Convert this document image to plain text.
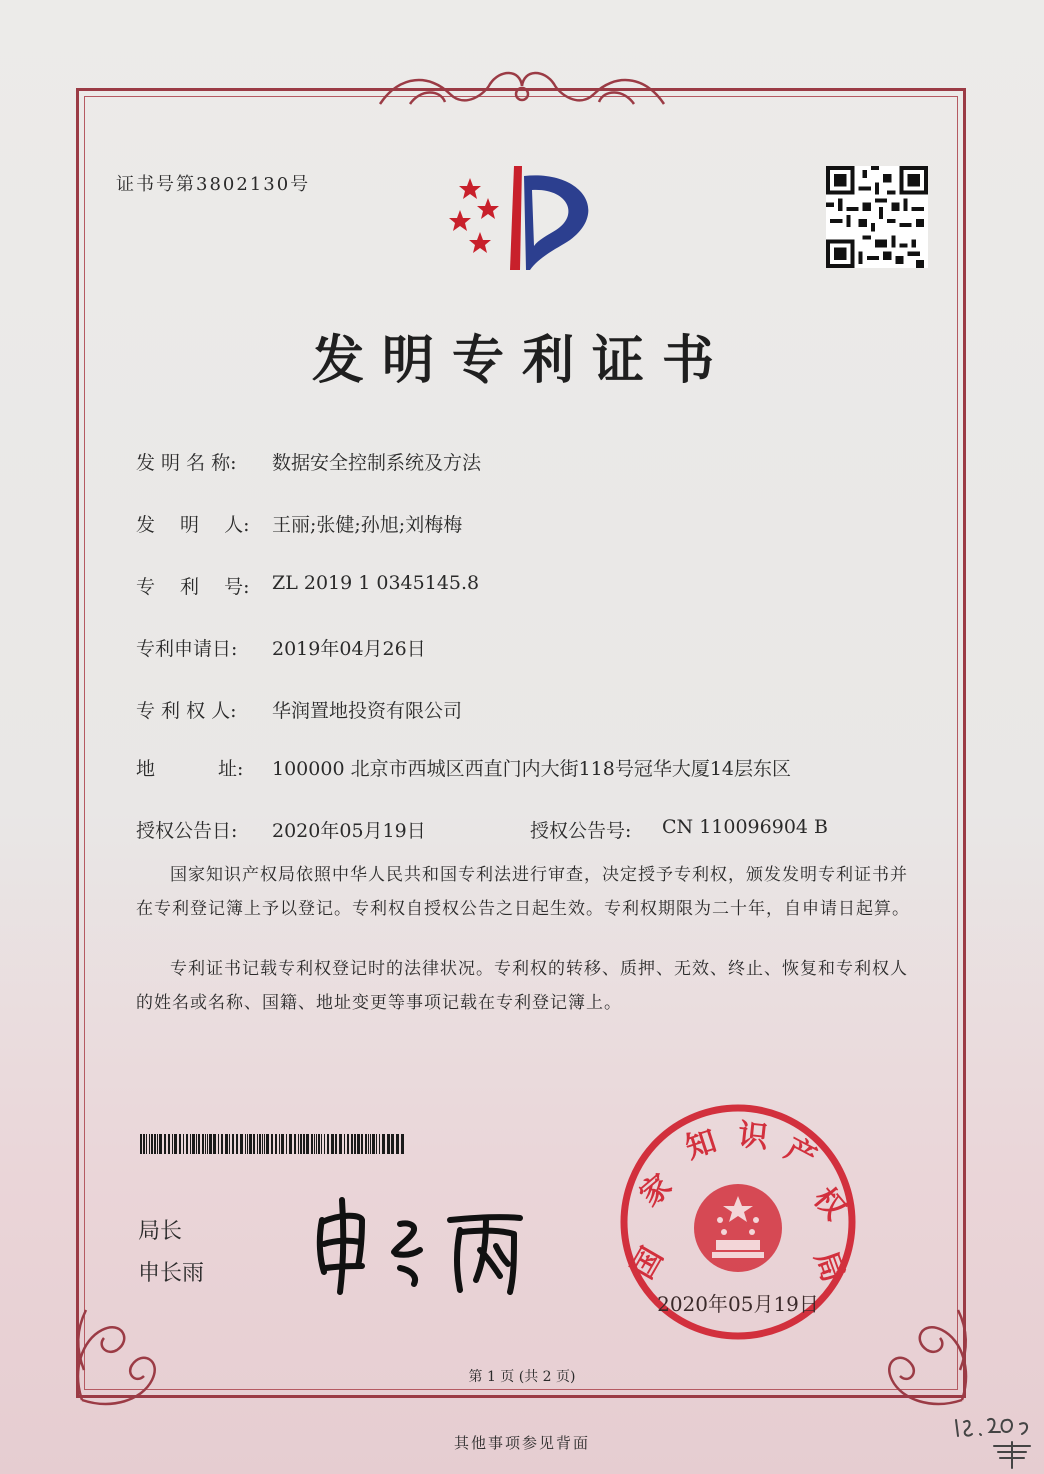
证书号第3802130号
发明专利证书
发 明 名 称:	数据安全控制系统及方法
发　 明　 人:	王丽;张健;孙旭;刘梅梅
专　 利　 号:	ZL 2019 1 0345145.8
专利申请日:	2019年04月26日
专 利 权 人:	华润置地投资有限公司
地　　　 址:	100000 北京市西城区西直门内大街118号冠华大厦14层东区
授权公告日:	2020年05月19日	授权公告号:	CN 110096904 B
国家知识产权局依照中华人民共和国专利法进行审查，决定授予专利权，颁发发明专利证书并在专利登记簿上予以登记。专利权自授权公告之日起生效。专利权期限为二十年，自申请日起算。
专利证书记载专利权登记时的法律状况。专利权的转移、质押、无效、终止、恢复和专利权人的姓名或名称、国籍、地址变更等事项记载在专利登记簿上。
局长
申长雨	国
家
知 识 产
权
局
2020年05月19日
第 1 页 (共 2 页)
其他事项参见背面
